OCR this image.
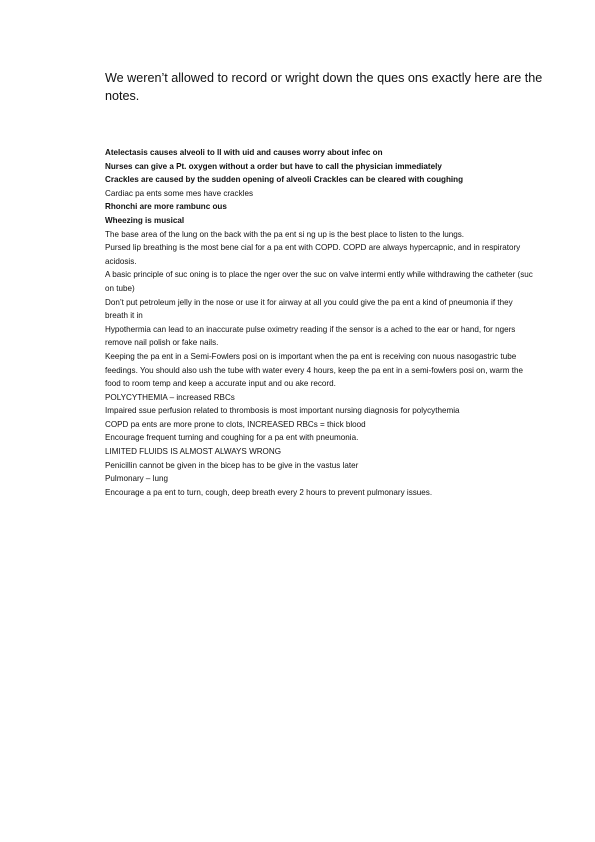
We weren’t allowed to record or wright down the ques ons exactly here are the notes.

Atelectasis causes alveoli to ll with uid and causes worry about infec on
Nurses can give a Pt. oxygen without a order but have to call the physician immediately
Crackles are caused by the sudden opening of alveoli Crackles can be cleared with coughing
Cardiac pa ents some mes have crackles
Rhonchi are more rambunc ous
Wheezing is musical
The base area of the lung on the back with the pa ent si ng up is the best place to listen to the lungs.
Pursed lip breathing is the most bene cial for a pa ent with COPD. COPD are always hypercapnic, and in respiratory acidosis.
A basic principle of suc oning is to place the nger over the suc on valve intermi ently while withdrawing the catheter (suc on tube)
Don’t put petroleum jelly in the nose or use it for airway at all you could give the pa ent a kind of pneumonia if they breath it in
Hypothermia can lead to an inaccurate pulse oximetry reading if the sensor is a ached to the ear or hand, for ngers remove nail polish or fake nails.
Keeping the pa ent in a Semi-Fowlers posi on is important when the pa ent is receiving con nuous nasogastric tube feedings. You should also ush the tube with water every 4 hours, keep the pa ent in a semi-fowlers posi on, warm the food to room temp and keep a accurate input and ou ake record.
POLYCYTHEMIA – increased RBCs
Impaired ssue perfusion related to thrombosis is most important nursing diagnosis for polycythemia
COPD pa ents are more prone to clots, INCREASED RBCs = thick blood
Encourage frequent turning and coughing for a pa ent with pneumonia.
LIMITED FLUIDS IS ALMOST ALWAYS WRONG
Penicillin cannot be given in the bicep has to be give in the vastus later
Pulmonary – lung
Encourage a pa ent to turn, cough, deep breath every 2 hours to prevent pulmonary issues.
